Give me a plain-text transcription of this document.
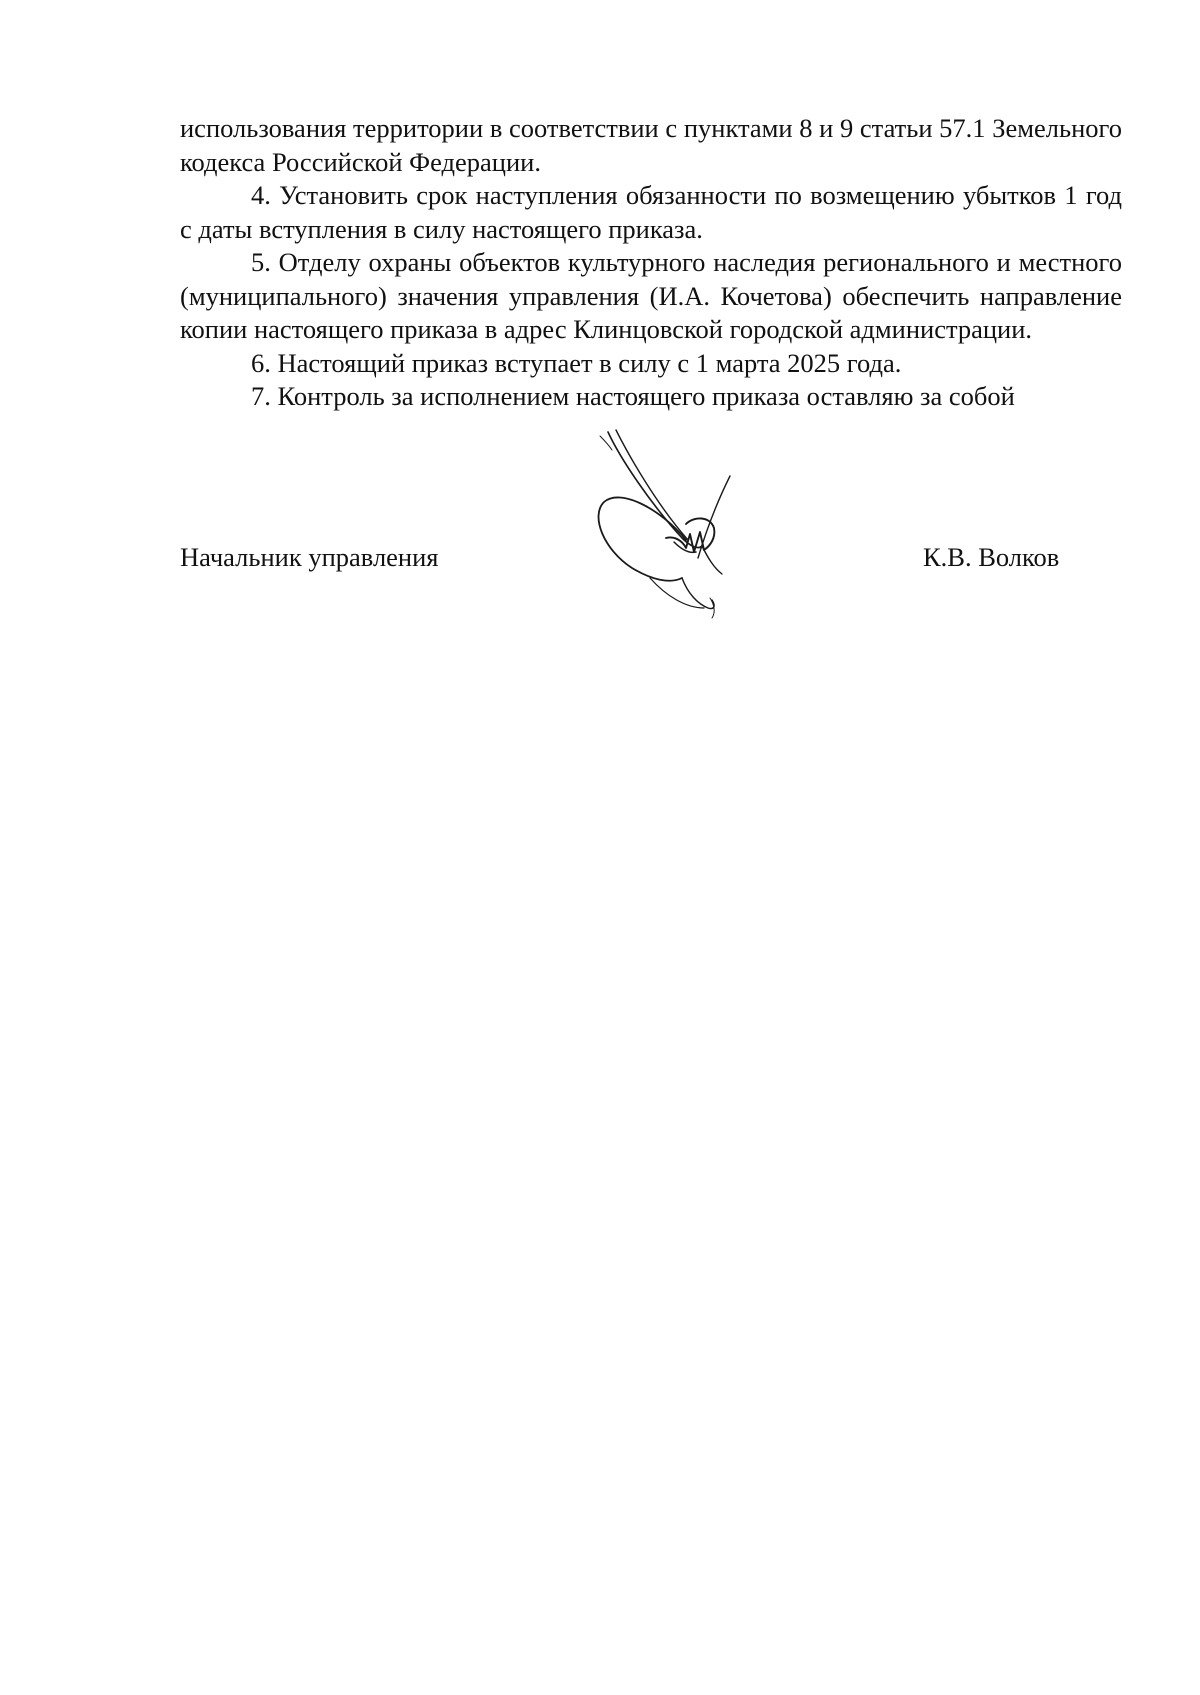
использования территории в соответствии с пунктами 8 и 9 статьи 57.1 Земельного кодекса Российской Федерации.

4. Установить срок наступления обязанности по возмещению убытков 1 год с даты вступления в силу настоящего приказа.

5. Отделу охраны объектов культурного наследия регионального и местного (муниципального) значения управления (И.А. Кочетова) обеспечить направление копии настоящего приказа в адрес Клинцовской городской администрации.

6. Настоящий приказ вступает в силу с 1 марта 2025 года.

7. Контроль за исполнением настоящего приказа оставляю за собой

Начальник управления	К.В. Волков
